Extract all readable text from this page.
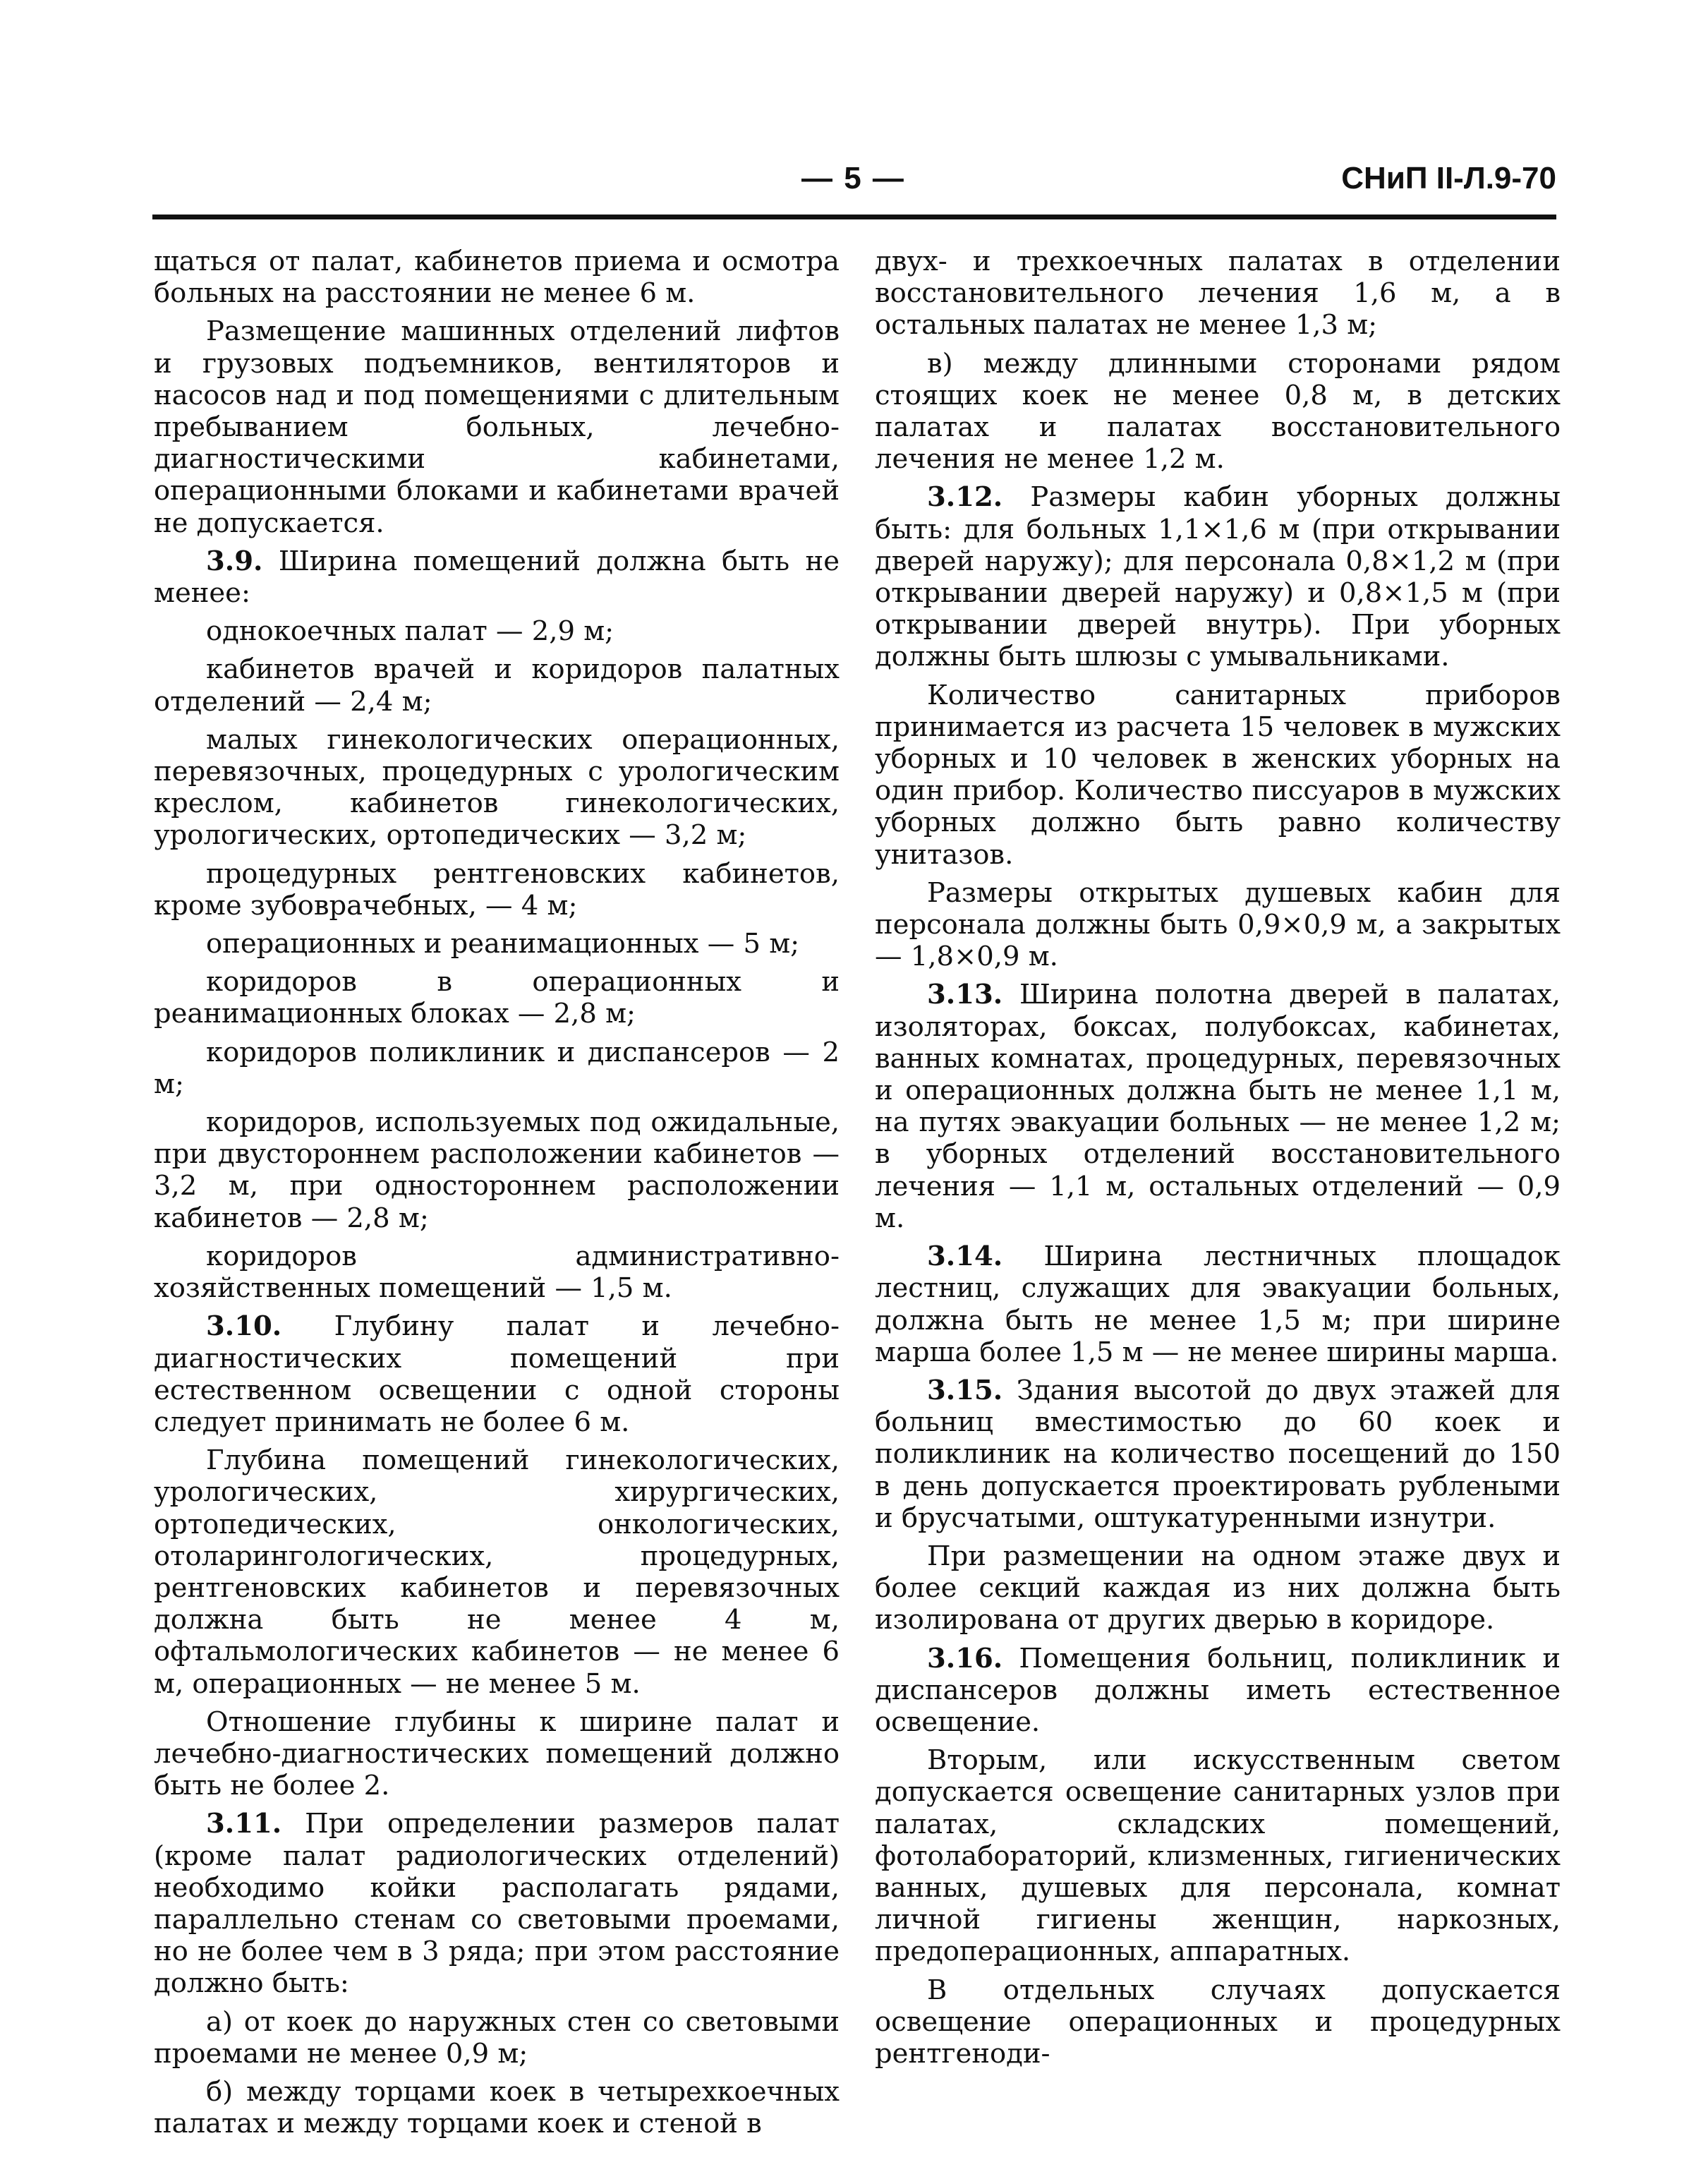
— 5 —	СНиП II-Л.9-70

щаться от палат, кабинетов приема и осмотра больных на расстоянии не менее 6 м.

Размещение машинных отделений лифтов и грузовых подъемников, вентиляторов и насосов над и под помещениями с длительным пребыванием больных, лечебно-диагностическими кабинетами, операционными блоками и кабинетами врачей не допускается.

3.9. Ширина помещений должна быть не менее:

однокоечных палат — 2,9 м;

кабинетов врачей и коридоров палатных отделений — 2,4 м;

малых гинекологических операционных, перевязочных, процедурных с урологическим креслом, кабинетов гинекологических, урологических, ортопедических — 3,2 м;

процедурных рентгеновских кабинетов, кроме зубоврачебных, — 4 м;

операционных и реанимационных — 5 м;

коридоров в операционных и реанимационных блоках — 2,8 м;

коридоров поликлиник и диспансеров — 2 м;

коридоров, используемых под ожидальные, при двустороннем расположении кабинетов — 3,2 м, при одностороннем расположении кабинетов — 2,8 м;

коридоров административно-хозяйственных помещений — 1,5 м.

3.10. Глубину палат и лечебно-диагностических помещений при естественном освещении с одной стороны следует принимать не более 6 м.

Глубина помещений гинекологических, урологических, хирургических, ортопедических, онкологических, отоларингологических, процедурных, рентгеновских кабинетов и перевязочных должна быть не менее 4 м, офтальмологических кабинетов — не менее 6 м, операционных — не менее 5 м.

Отношение глубины к ширине палат и лечебно-диагностических помещений должно быть не более 2.

3.11. При определении размеров палат (кроме палат радиологических отделений) необходимо койки располагать рядами, параллельно стенам со световыми проемами, но не более чем в 3 ряда; при этом расстояние должно быть:

а) от коек до наружных стен со световыми проемами не менее 0,9 м;

б) между торцами коек в четырехкоечных палатах и между торцами коек и стеной в

двух- и трехкоечных палатах в отделении восстановительного лечения 1,6 м, а в остальных палатах не менее 1,3 м;

в) между длинными сторонами рядом стоящих коек не менее 0,8 м, в детских палатах и палатах восстановительного лечения не менее 1,2 м.

3.12. Размеры кабин уборных должны быть: для больных 1,1×1,6 м (при открывании дверей наружу); для персонала 0,8×1,2 м (при открывании дверей наружу) и 0,8×1,5 м (при открывании дверей внутрь). При уборных должны быть шлюзы с умывальниками.

Количество санитарных приборов принимается из расчета 15 человек в мужских уборных и 10 человек в женских уборных на один прибор. Количество писсуаров в мужских уборных должно быть равно количеству унитазов.

Размеры открытых душевых кабин для персонала должны быть 0,9×0,9 м, а закрытых — 1,8×0,9 м.

3.13. Ширина полотна дверей в палатах, изоляторах, боксах, полубоксах, кабинетах, ванных комнатах, процедурных, перевязочных и операционных должна быть не менее 1,1 м, на путях эвакуации больных — не менее 1,2 м; в уборных отделений восстановительного лечения — 1,1 м, остальных отделений — 0,9 м.

3.14. Ширина лестничных площадок лестниц, служащих для эвакуации больных, должна быть не менее 1,5 м; при ширине марша более 1,5 м — не менее ширины марша.

3.15. Здания высотой до двух этажей для больниц вместимостью до 60 коек и поликлиник на количество посещений до 150 в день допускается проектировать рублеными и брусчатыми, оштукатуренными изнутри.

При размещении на одном этаже двух и более секций каждая из них должна быть изолирована от других дверью в коридоре.

3.16. Помещения больниц, поликлиник и диспансеров должны иметь естественное освещение.

Вторым, или искусственным светом допускается освещение санитарных узлов при палатах, складских помещений, фотолабораторий, клизменных, гигиенических ванных, душевых для персонала, комнат личной гигиены женщин, наркозных, предоперационных, аппаратных.

В отдельных случаях допускается освещение операционных и процедурных рентгеноди-
